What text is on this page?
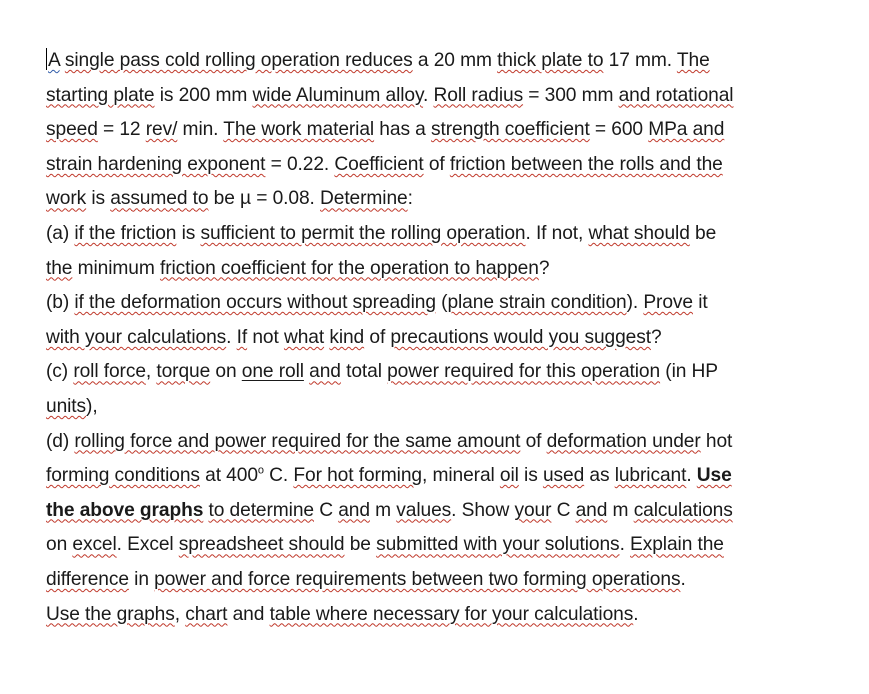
A single pass cold rolling operation reduces a 20 mm thick plate to 17 mm. The
starting plate is 200 mm wide Aluminum alloy. Roll radius = 300 mm and rotational
speed = 12 rev/ min. The work material has a strength coefficient = 600 MPa and
strain hardening exponent = 0.22. Coefficient of friction between the rolls and the
work is assumed to be µ = 0.08. Determine:
(a) if the friction is sufficient to permit the rolling operation. If not, what should be
the minimum friction coefficient for the operation to happen?
(b) if the deformation occurs without spreading (plane strain condition). Prove it
with your calculations. If not what kind of precautions would you suggest?
(c) roll force, torque on one roll and total power required for this operation (in HP
units),
(d) rolling force and power required for the same amount of deformation under hot
forming conditions at 400$^o$ C. For hot forming, mineral oil is used as lubricant. Use
the above graphs to determine C and m values. Show your C and m calculations
on excel. Excel spreadsheet should be submitted with your solutions. Explain the
difference in power and force requirements between two forming operations.
Use the graphs, chart and table where necessary for your calculations.
